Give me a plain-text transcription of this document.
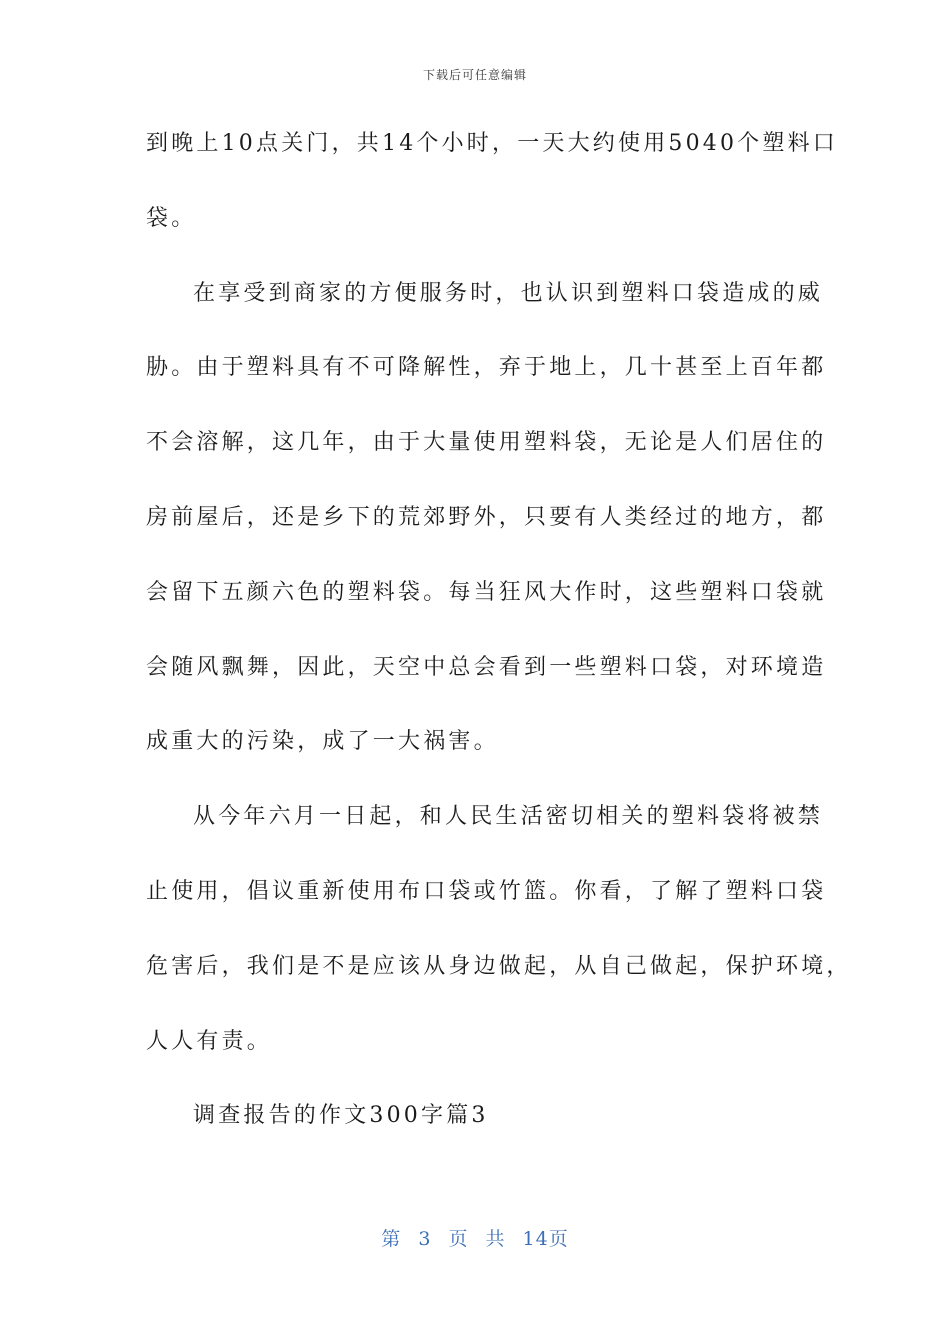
下载后可任意编辑
到晚上10点关门，共14个小时，一天大约使用5040个塑料口
袋。
在享受到商家的方便服务时，也认识到塑料口袋造成的威
胁。由于塑料具有不可降解性，弃于地上，几十甚至上百年都
不会溶解，这几年，由于大量使用塑料袋，无论是人们居住的
房前屋后，还是乡下的荒郊野外，只要有人类经过的地方，都
会留下五颜六色的塑料袋。每当狂风大作时，这些塑料口袋就
会随风飘舞，因此，天空中总会看到一些塑料口袋，对环境造
成重大的污染，成了一大祸害。
从今年六月一日起，和人民生活密切相关的塑料袋将被禁
止使用，倡议重新使用布口袋或竹篮。你看，了解了塑料口袋
危害后，我们是不是应该从身边做起，从自己做起，保护环境，
人人有责。
调查报告的作文300字篇3
第 3 页 共 14页
